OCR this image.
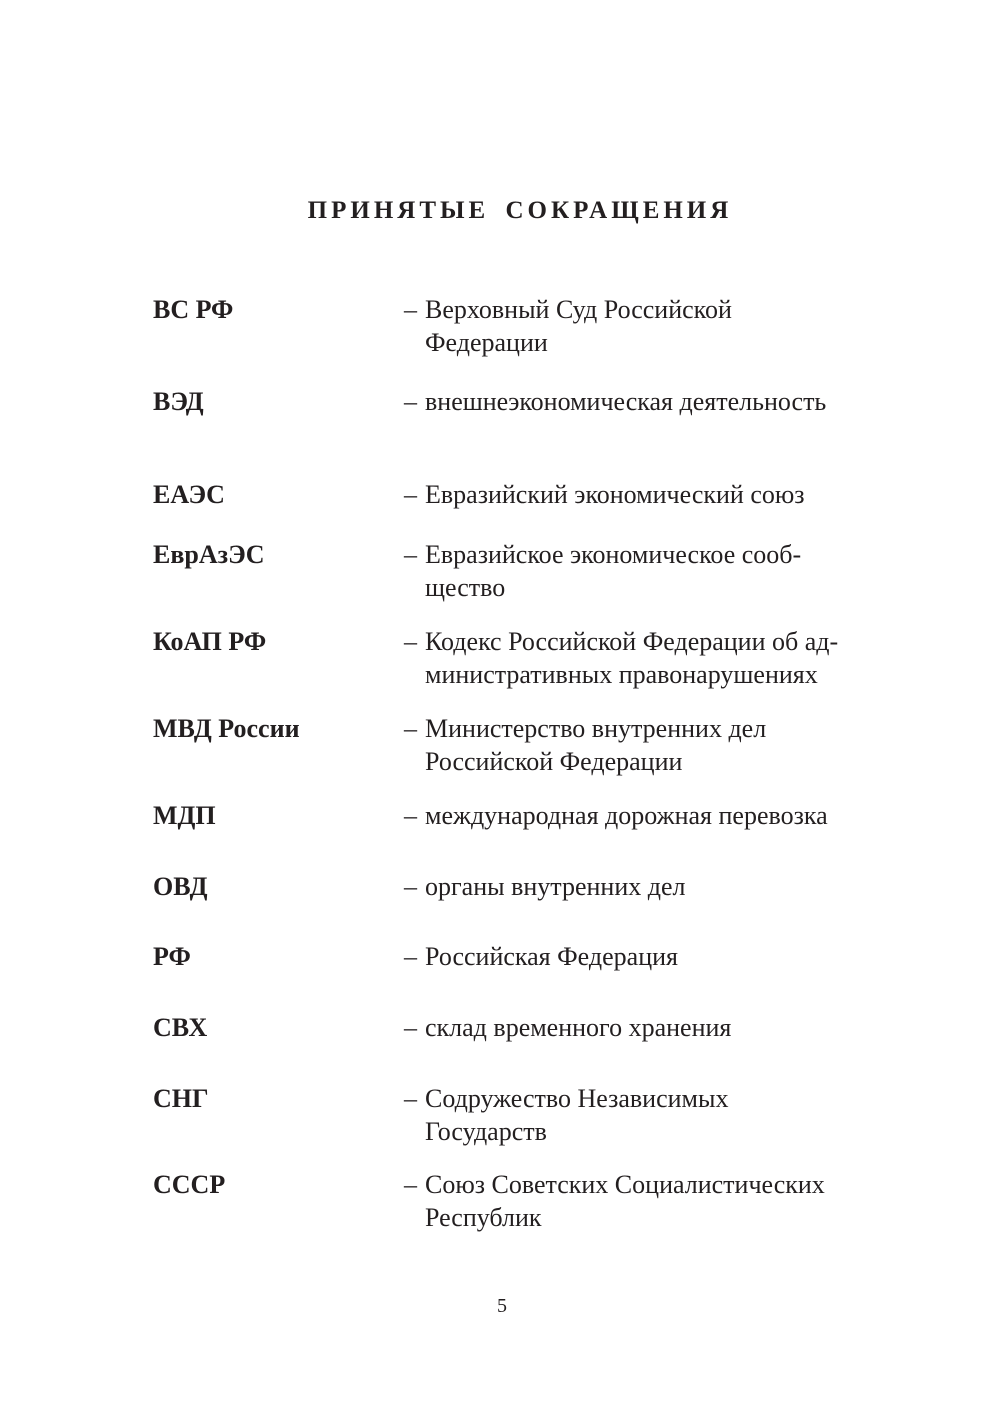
ПРИНЯТЫЕ СОКРАЩЕНИЯ
ВС РФ	– Верховный Суд Российской
Федерации
ВЭД	– внешнеэкономическая деятельность
ЕАЭС	– Евразийский экономический союз
ЕврАзЭС	– Евразийское экономическое сооб-
щество
КоАП РФ	– Кодекс Российской Федерации об ад-
министративных правонарушениях
МВД России	– Министерство внутренних дел
Российской Федерации
МДП	– международная дорожная перевозка
ОВД	– органы внутренних дел
РФ	– Российская Федерация
СВХ	– склад временного хранения
СНГ	– Содружество Независимых
Государств
СССР	– Союз Советских Социалистических
Республик
5
